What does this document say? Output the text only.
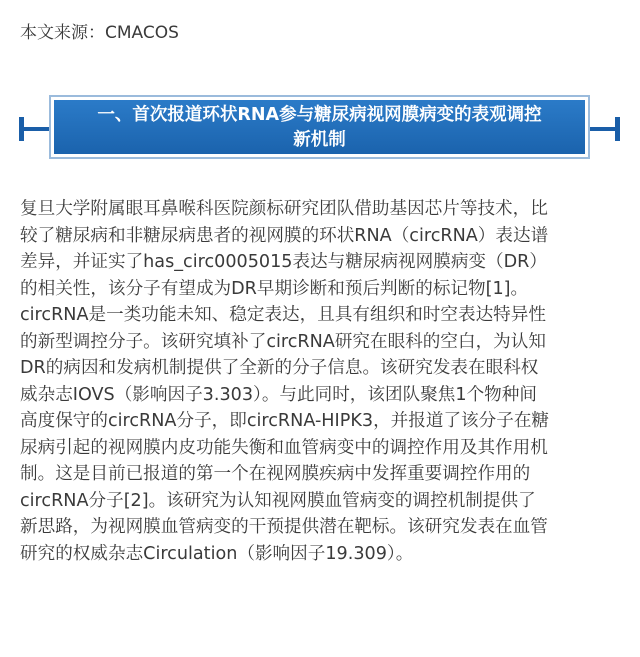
本文来源：CMACOS
一、首次报道环状RNA参与糖尿病视网膜病变的表观调控
新机制
复旦大学附属眼耳鼻喉科医院颜标研究团队借助基因芯片等技术，比
较了糖尿病和非糖尿病患者的视网膜的环状RNA（circRNA）表达谱
差异，并证实了has_circ0005015表达与糖尿病视网膜病变（DR）
的相关性，该分子有望成为DR早期诊断和预后判断的标记物[1]。
circRNA是一类功能未知、稳定表达，且具有组织和时空表达特异性
的新型调控分子。该研究填补了circRNA研究在眼科的空白，为认知
DR的病因和发病机制提供了全新的分子信息。该研究发表在眼科权
威杂志IOVS（影响因子3.303）。与此同时，该团队聚焦1个物种间
高度保守的circRNA分子，即circRNA-HIPK3，并报道了该分子在糖
尿病引起的视网膜内皮功能失衡和血管病变中的调控作用及其作用机
制。这是目前已报道的第一个在视网膜疾病中发挥重要调控作用的
circRNA分子[2]。该研究为认知视网膜血管病变的调控机制提供了
新思路，为视网膜血管病变的干预提供潜在靶标。该研究发表在血管
研究的权威杂志Circulation（影响因子19.309）。
